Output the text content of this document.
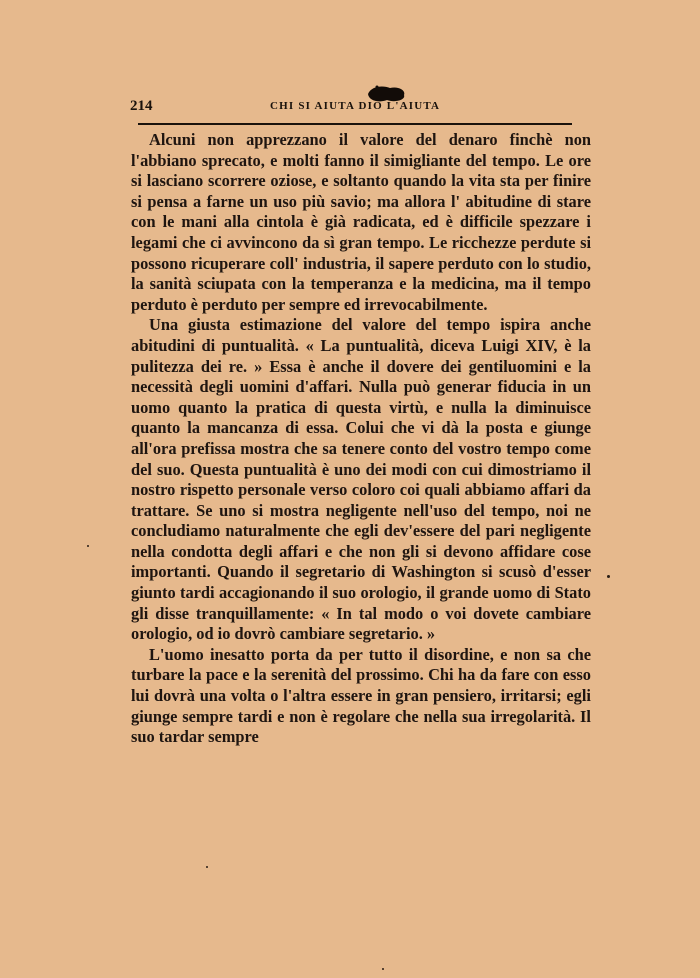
214	CHI SI AIUTA DIO L'AIUTA

Alcuni non apprezzano il valore del denaro finchè non l'abbiano sprecato, e molti fanno il simigliante del tempo. Le ore si lasciano scorrere oziose, e soltanto quando la vita sta per finire si pensa a farne un uso più savio; ma allora l' abitudine di stare con le mani alla cintola è già radicata, ed è difficile spezzare i legami che ci avvincono da sì gran tempo. Le ricchezze perdute si possono ricuperare coll' industria, il sapere perduto con lo studio, la sanità sciupata con la temperanza e la medicina, ma il tempo perduto è perduto per sempre ed irrevocabilmente.

Una giusta estimazione del valore del tempo ispira anche abitudini di puntualità. « La puntualità, diceva Luigi XIV, è la pulitezza dei re. » Essa è anche il dovere dei gentiluomini e la necessità degli uomini d'affari. Nulla può generar fiducia in un uomo quanto la pratica di questa virtù, e nulla la diminuisce quanto la mancanza di essa. Colui che vi dà la posta e giunge all'ora prefissa mostra che sa tenere conto del vostro tempo come del suo. Questa puntualità è uno dei modi con cui dimostriamo il nostro rispetto personale verso coloro coi quali abbiamo affari da trattare. Se uno si mostra negligente nell'uso del tempo, noi ne concludiamo naturalmente che egli dev'essere del pari negligente nella condotta degli affari e che non gli si devono affidare cose importanti. Quando il segretario di Washington si scusò d'esser giunto tardi accagionando il suo orologio, il grande uomo di Stato gli disse tranquillamente: « In tal modo o voi dovete cambiare orologio, od io dovrò cambiare segretario. »

L'uomo inesatto porta da per tutto il disordine, e non sa che turbare la pace e la serenità del prossimo. Chi ha da fare con esso lui dovrà una volta o l'altra essere in gran pensiero, irritarsi; egli giunge sempre tardi e non è regolare che nella sua irregolarità. Il suo tardar sempre
